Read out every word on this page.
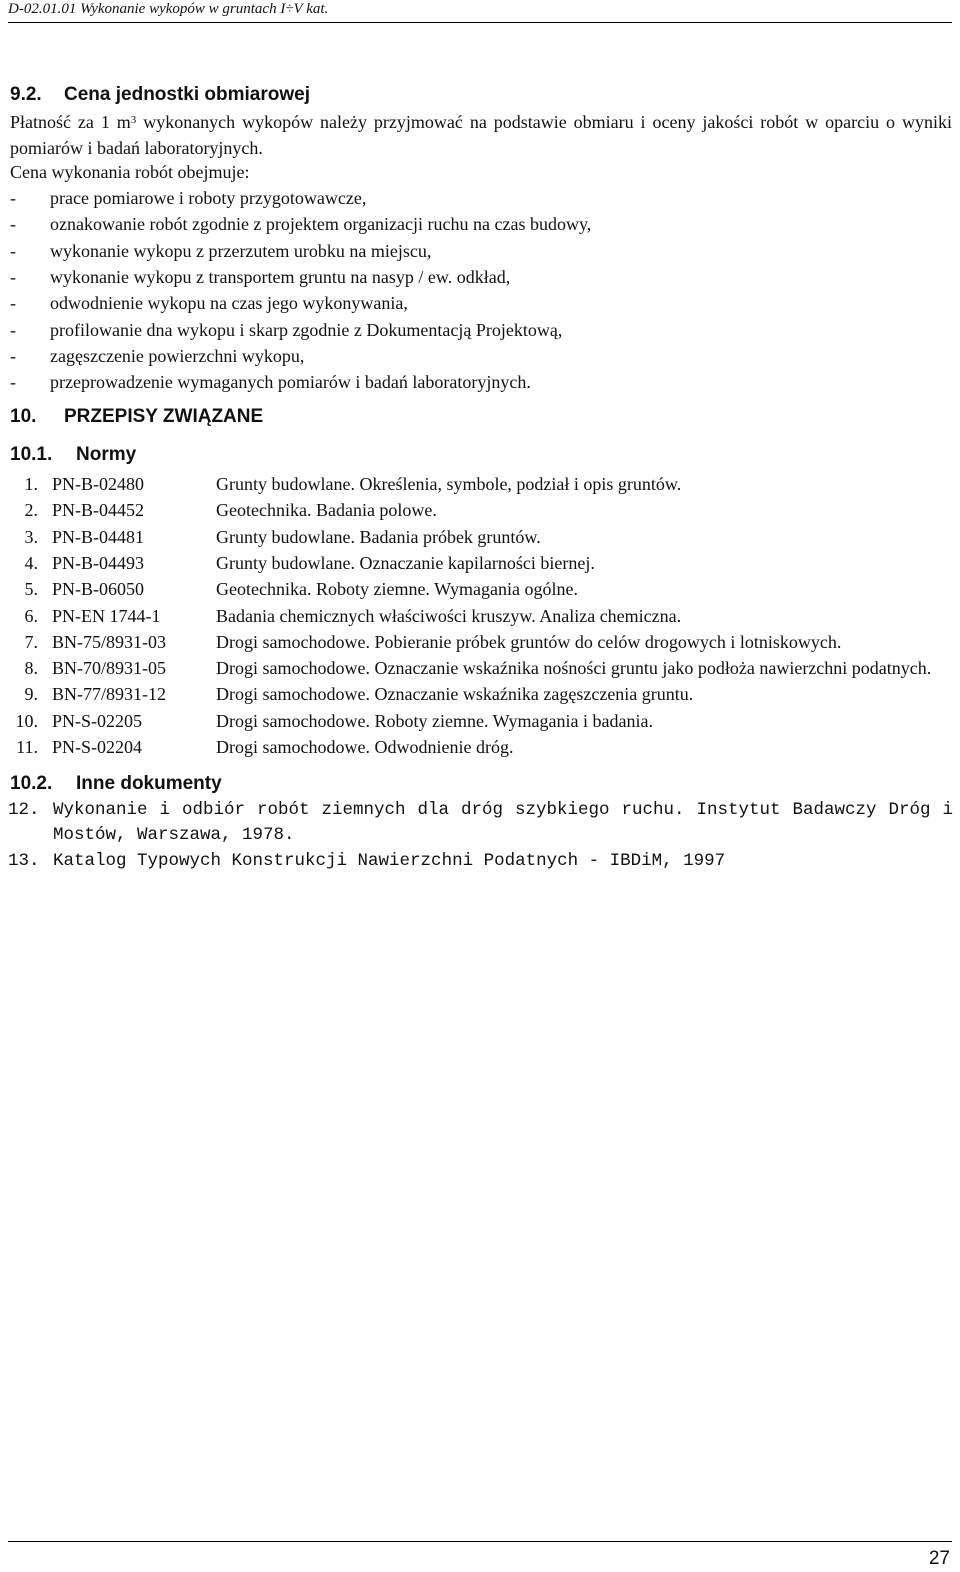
D-02.01.01 Wykonanie wykopów w gruntach I÷V kat.
9.2. Cena jednostki obmiarowej
Płatność za 1 $m^3$ wykonanych wykopów należy przyjmować na podstawie obmiaru i oceny jakości robót w oparciu o wyniki pomiarów i badań laboratoryjnych.
Cena wykonania robót obejmuje:
- prace pomiarowe i roboty przygotowawcze,
- oznakowanie robót zgodnie z projektem organizacji ruchu na czas budowy,
- wykonanie wykopu z przerzutem urobku na miejscu,
- wykonanie wykopu z transportem gruntu na nasyp / ew. odkład,
- odwodnienie wykopu na czas jego wykonywania,
- profilowanie dna wykopu i skarp zgodnie z Dokumentacją Projektową,
- zagęszczenie powierzchni wykopu,
- przeprowadzenie wymaganych pomiarów i badań laboratoryjnych.
10. PRZEPISY ZWIĄZANE
10.1. Normy
1. PN-B-02480	Grunty budowlane. Określenia, symbole, podział i opis gruntów.
2. PN-B-04452	Geotechnika. Badania polowe.
3. PN-B-04481	Grunty budowlane. Badania próbek gruntów.
4. PN-B-04493	Grunty budowlane. Oznaczanie kapilarności biernej.
5. PN-B-06050	Geotechnika. Roboty ziemne. Wymagania ogólne.
6. PN-EN 1744-1	Badania chemicznych właściwości kruszyw. Analiza chemiczna.
7. BN-75/8931-03	Drogi samochodowe. Pobieranie próbek gruntów do celów drogowych i lotniskowych.
8. BN-70/8931-05	Drogi samochodowe. Oznaczanie wskaźnika nośności gruntu jako podłoża nawierzchni podatnych.
9. BN-77/8931-12	Drogi samochodowe. Oznaczanie wskaźnika zagęszczenia gruntu.
10. PN-S-02205	Drogi samochodowe. Roboty ziemne. Wymagania i badania.
11. PN-S-02204	Drogi samochodowe. Odwodnienie dróg.
10.2. Inne dokumenty
12. Wykonanie i odbiór robót ziemnych dla dróg szybkiego ruchu. Instytut Badawczy Dróg i Mostów, Warszawa, 1978.
13. Katalog Typowych Konstrukcji Nawierzchni Podatnych - IBDiM, 1997
27
